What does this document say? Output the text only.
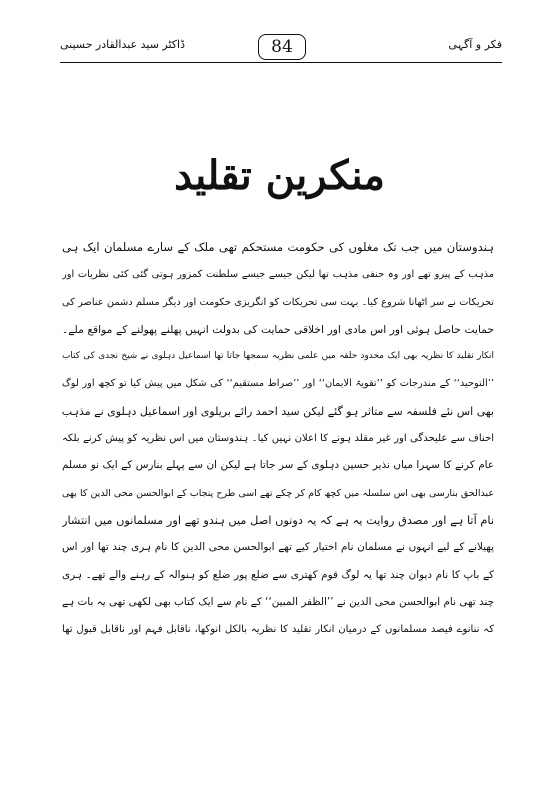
ڈاکٹر سید عبدالقادر حسینی	84	فکر و آگہی
منکرین تقلید
ہندوستان میں جب تک مغلوں کی حکومت مستحکم تھی ملک کے سارے مسلمان ایک ہی
مذہب کے پیرو تھے اور وہ حنفی مذہب تھا لیکن جیسے جیسے سلطنت کمزور ہوتی گئی کئی نظریات اور
تحریکات نے سر اٹھانا شروع کیا۔ بہت سی تحریکات کو انگریزی حکومت اور دیگر مسلم دشمن عناصر کی
حمایت حاصل ہوئی اور اس مادی اور اخلاقی حمایت کی بدولت انہیں پھلنے پھولنے کے مواقع ملے۔
انکار تقلید کا نظریہ بھی ایک محدود حلقہ میں علمی نظریہ سمجھا جاتا تھا اسماعیل دہلوی نے شیخ نجدی کی کتاب
’’التوحید‘‘ کے مندرجات کو ’’تقویۃ الایمان‘‘ اور ’’صراط مستقیم‘‘ کی شکل میں پیش کیا تو کچھ اور لوگ
بھی اس نئے فلسفہ سے متاثر ہو گئے لیکن سید احمد رائے بریلوی اور اسماعیل دہلوی نے مذہب
احناف سے علیحدگی اور غیر مقلد ہونے کا اعلان نہیں کیا۔ ہندوستان میں اس نظریہ کو پیش کرنے بلکہ
عام کرنے کا سہرا میاں نذیر حسین دہلوی کے سر جاتا ہے لیکن ان سے پہلے بنارس کے ایک نو مسلم
عبدالحق بنارسی بھی اس سلسلہ میں کچھ کام کر چکے تھے اسی طرح پنجاب کے ابوالحسن محی الدین کا بھی
نام آتا ہے اور مصدق روایت یہ ہے کہ یہ دونوں اصل میں ہندو تھے اور مسلمانوں میں انتشار
پھیلانے کے لیے انہوں نے مسلمان نام اختیار کیے تھے ابوالحسن محی الدین کا نام ہری چند تھا اور اس
کے باپ کا نام دیوان چند تھا یہ لوگ قوم کھتری سے ضلع پور ضلع کو ہنوالہ کے رہنے والے تھے۔ ہری
چند تھی نام ابوالحسن محی الدین نے ’’الظفر المبین‘‘ کے نام سے ایک کتاب بھی لکھی تھی یہ بات ہے
کہ ننانوے فیصد مسلمانوں کے درمیان انکار تقلید کا نظریہ بالکل انوکھا، ناقابل فہم اور ناقابل قبول تھا
